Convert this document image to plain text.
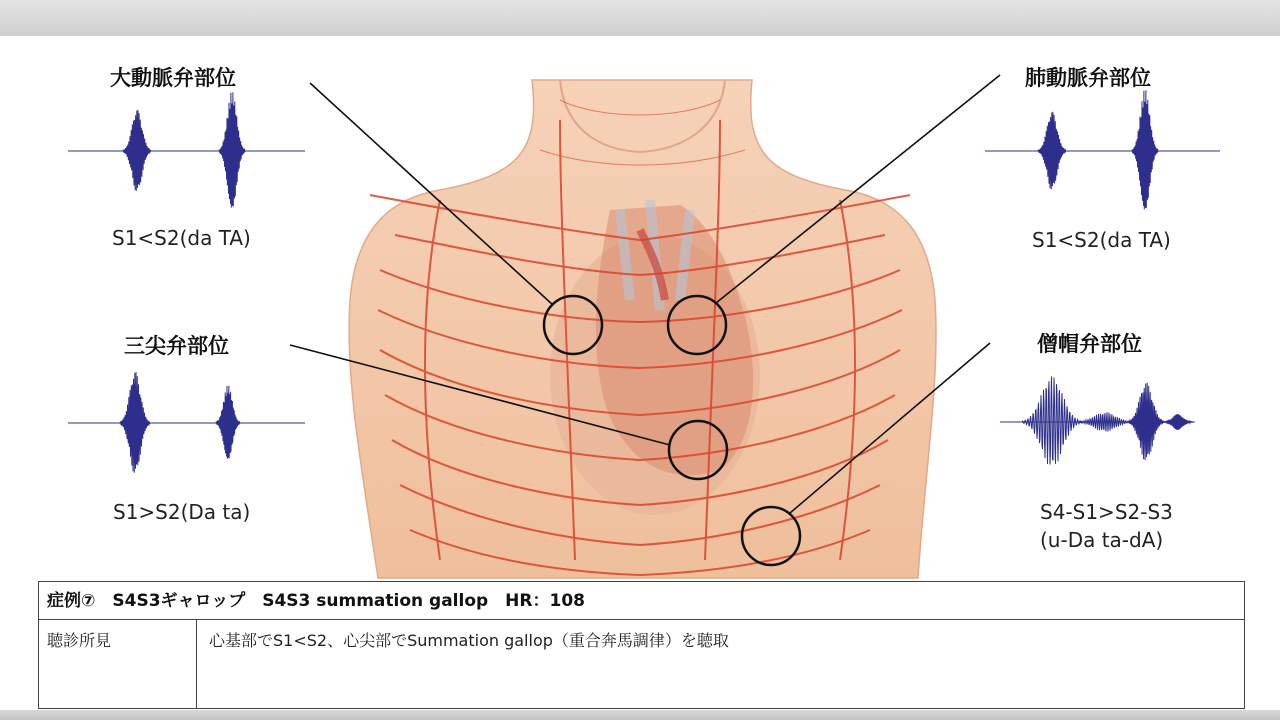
大動脈弁部位
S1<S2(da TA)
肺動脈弁部位
S1<S2(da TA)
三尖弁部位
S1>S2(Da ta)
僧帽弁部位
S4-S1>S2-S3
(u-Da ta-dA)
症例⑦　S4S3ギャロップ　S4S3 summation gallop　HR：108
聴診所見	心基部でS1<S2、心尖部でSummation gallop（重合奔馬調律）を聴取
